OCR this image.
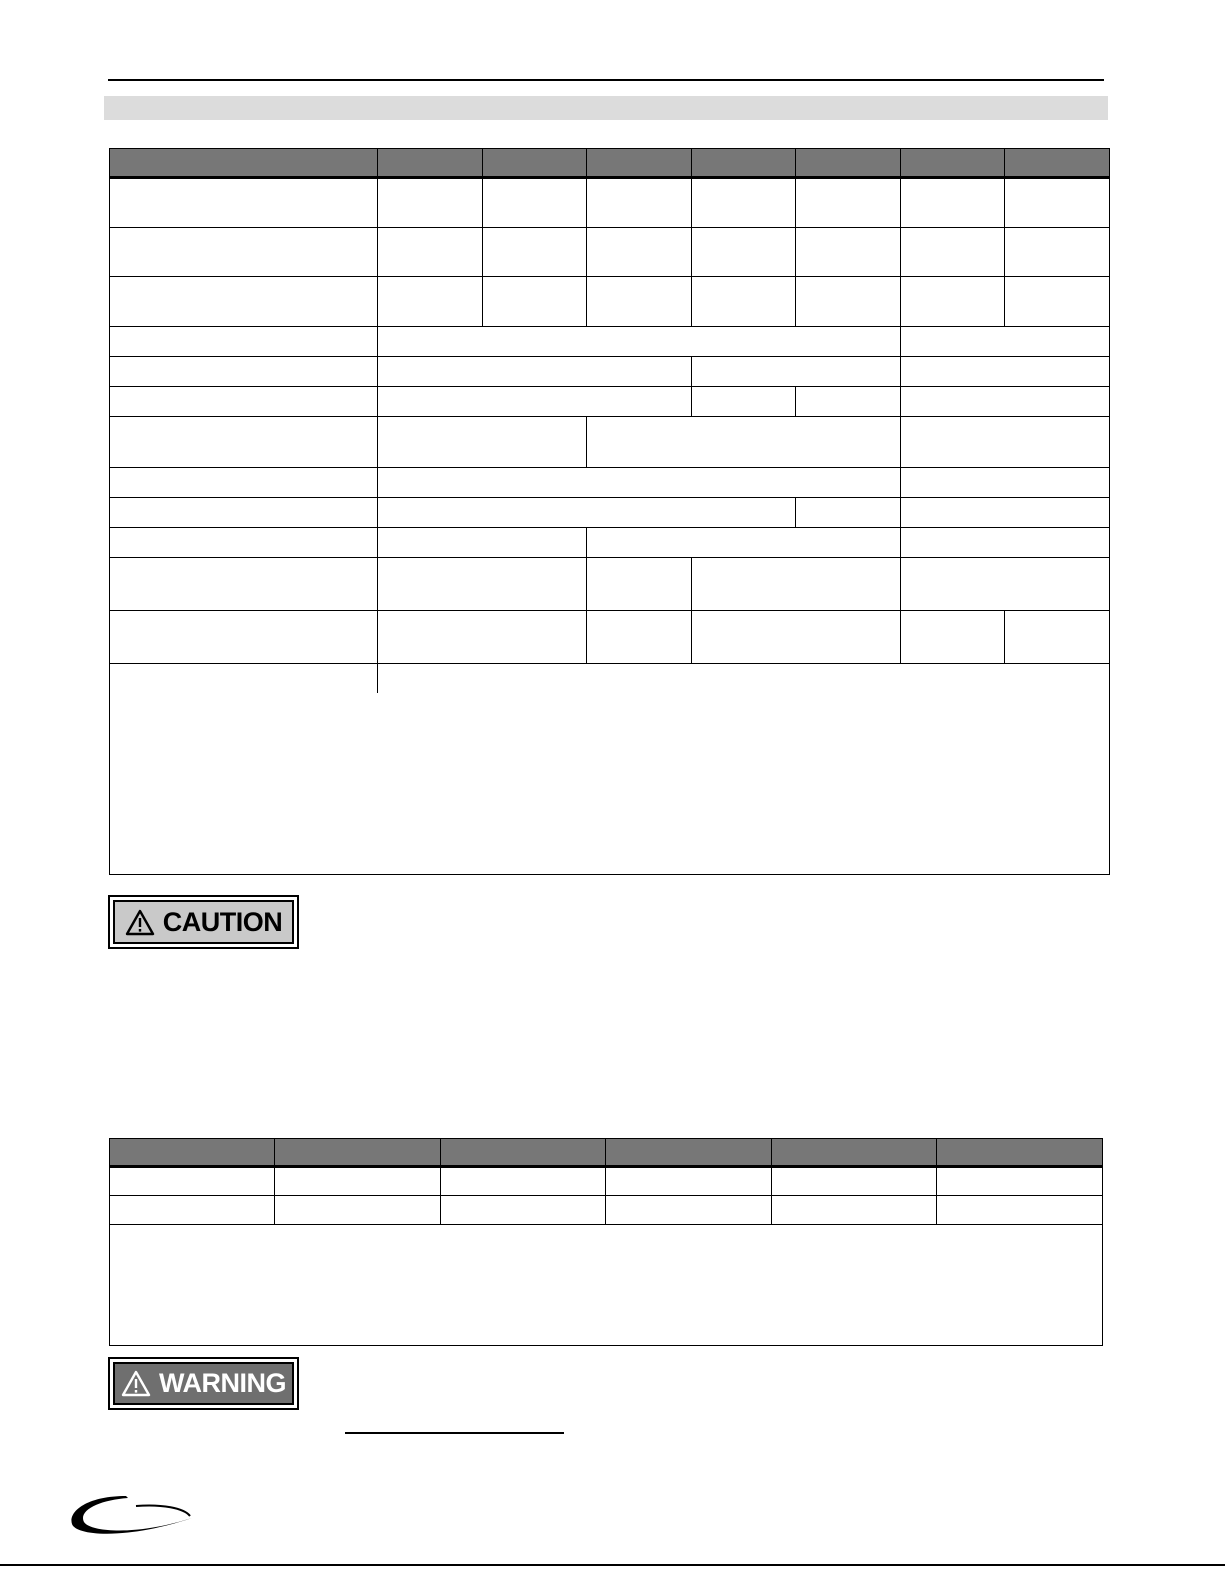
CAUTION

WARNING
